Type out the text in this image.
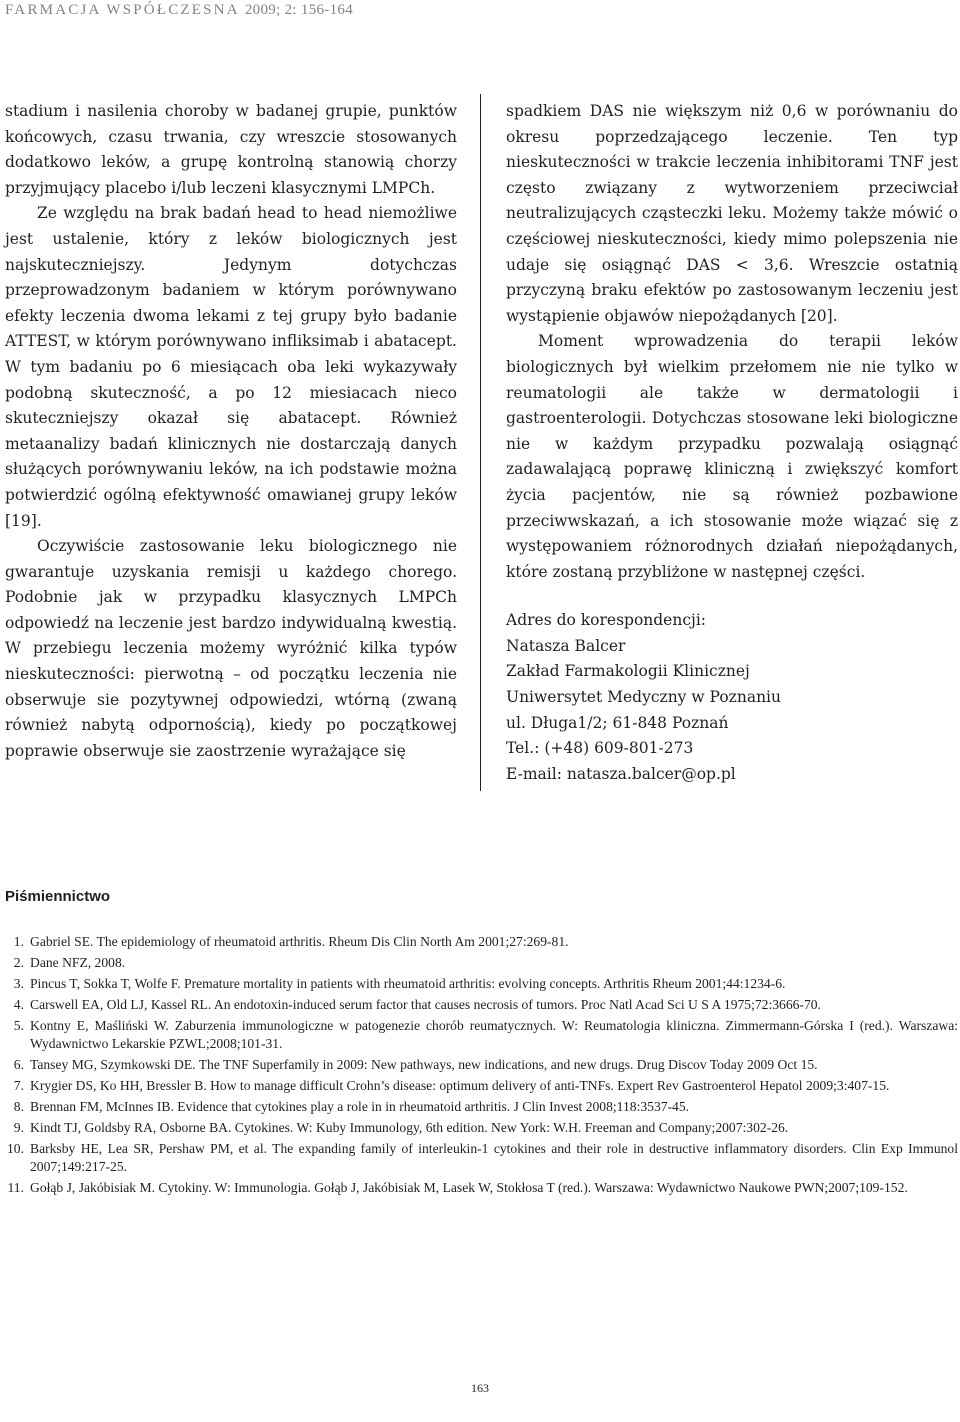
FARMACJA WSPÓŁCZESNA 2009; 2: 156-164

stadium i nasilenia choroby w badanej grupie, punktów końcowych, czasu trwania, czy wreszcie stosowanych dodatkowo leków, a grupę kontrolną stanowią chorzy przyjmujący placebo i/lub leczeni klasycznymi LMPCh.

Ze względu na brak badań head to head niemożliwe jest ustalenie, który z leków biologicznych jest najskuteczniejszy. Jedynym dotychczas przeprowadzonym badaniem w którym porównywano efekty leczenia dwoma lekami z tej grupy było badanie ATTEST, w którym porównywano infliksimab i abatacept. W tym badaniu po 6 miesiącach oba leki wykazywały podobną skuteczność, a po 12 miesiacach nieco skuteczniejszy okazał się abatacept. Również metaanalizy badań klinicznych nie dostarczają danych służących porównywaniu leków, na ich podstawie można potwierdzić ogólną efektywność omawianej grupy leków [19].

Oczywiście zastosowanie leku biologicznego nie gwarantuje uzyskania remisji u każdego chorego. Podobnie jak w przypadku klasycznych LMPCh odpowiedź na leczenie jest bardzo indywidualną kwestią. W przebiegu leczenia możemy wyróżnić kilka typów nieskuteczności: pierwotną – od początku leczenia nie obserwuje sie pozytywnej odpowiedzi, wtórną (zwaną również nabytą odpornością), kiedy po początkowej poprawie obserwuje sie zaostrzenie wyrażające się

spadkiem DAS nie większym niż 0,6 w porównaniu do okresu poprzedzającego leczenie. Ten typ nieskuteczności w trakcie leczenia inhibitorami TNF jest często związany z wytworzeniem przeciwciał neutralizujących cząsteczki leku. Możemy także mówić o częściowej nieskuteczności, kiedy mimo polepszenia nie udaje się osiągnąć DAS < 3,6. Wreszcie ostatnią przyczyną braku efektów po zastosowanym leczeniu jest wystąpienie objawów niepożądanych [20].

Moment wprowadzenia do terapii leków biologicznych był wielkim przełomem nie nie tylko w reumatologii ale także w dermatologii i gastroenterologii. Dotychczas stosowane leki biologiczne nie w każdym przypadku pozwalają osiągnąć zadawalającą poprawę kliniczną i zwiększyć komfort życia pacjentów, nie są również pozbawione przeciwwskazań, a ich stosowanie może wiązać się z występowaniem różnorodnych działań niepożądanych, które zostaną przybliżone w następnej części.

Adres do korespondencji:
Natasza Balcer
Zakład Farmakologii Klinicznej
Uniwersytet Medyczny w Poznaniu
ul. Długa1/2; 61-848 Poznań
Tel.: (+48) 609-801-273
E-mail: natasza.balcer@op.pl

Piśmiennictwo
1. Gabriel SE. The epidemiology of rheumatoid arthritis. Rheum Dis Clin North Am 2001;27:269-81.
2. Dane NFZ, 2008.
3. Pincus T, Sokka T, Wolfe F. Premature mortality in patients with rheumatoid arthritis: evolving concepts. Arthritis Rheum 2001;44:1234-6.
4. Carswell EA, Old LJ, Kassel RL. An endotoxin-induced serum factor that causes necrosis of tumors. Proc Natl Acad Sci U S A 1975;72:3666-70.
5. Kontny E, Maśliński W. Zaburzenia immunologiczne w patogenezie chorób reumatycznych. W: Reumatologia kliniczna. Zimmermann-Górska I (red.). Warszawa: Wydawnictwo Lekarskie PZWL;2008;101-31.
6. Tansey MG, Szymkowski DE. The TNF Superfamily in 2009: New pathways, new indications, and new drugs. Drug Discov Today 2009 Oct 15.
7. Krygier DS, Ko HH, Bressler B. How to manage difficult Crohn’s disease: optimum delivery of anti-TNFs. Expert Rev Gastroenterol Hepatol 2009;3:407-15.
8. Brennan FM, McInnes IB. Evidence that cytokines play a role in in rheumatoid arthritis. J Clin Invest 2008;118:3537-45.
9. Kindt TJ, Goldsby RA, Osborne BA. Cytokines. W: Kuby Immunology, 6th edition. New York: W.H. Freeman and Company;2007:302-26.
10. Barksby HE, Lea SR, Pershaw PM, et al. The expanding family of interleukin-1 cytokines and their role in destructive inflammatory disorders. Clin Exp Immunol 2007;149:217-25.
11. Gołąb J, Jakóbisiak M. Cytokiny. W: Immunologia. Gołąb J, Jakóbisiak M, Lasek W, Stokłosa T (red.). Warszawa: Wydawnictwo Naukowe PWN;2007;109-152.
163
